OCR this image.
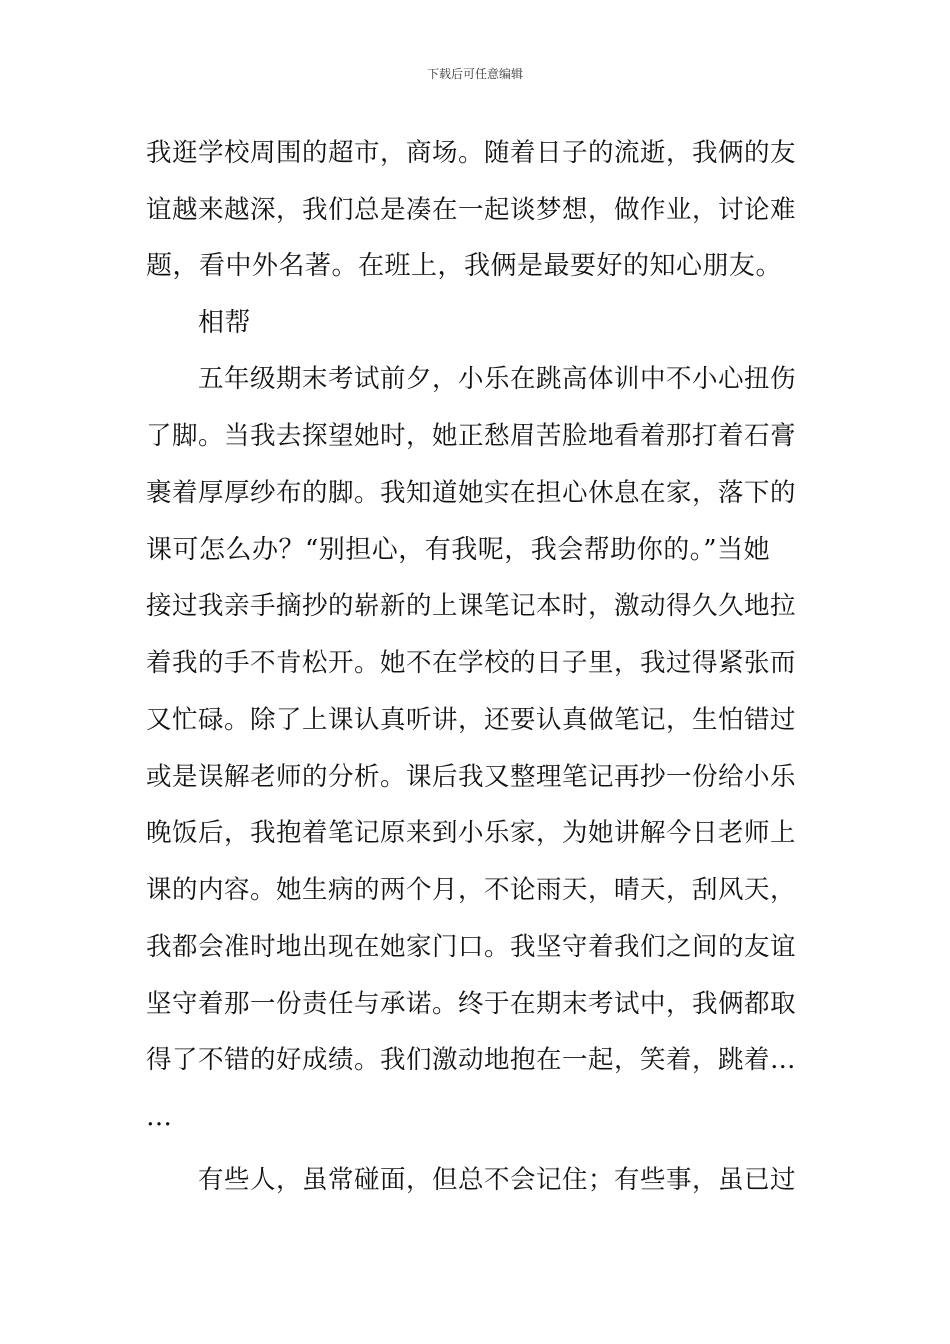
下载后可任意编辑
我逛学校周围的超市，商场。随着日子的流逝，我俩的友
谊越来越深，我们总是凑在一起谈梦想，做作业，讨论难
题，看中外名著。在班上，我俩是最要好的知心朋友。
相帮
五年级期末考试前夕，小乐在跳高体训中不小心扭伤
了脚。当我去探望她时，她正愁眉苦脸地看着那打着石膏
裹着厚厚纱布的脚。我知道她实在担心休息在家，落下的
课可怎么办？“别担心，有我呢，我会帮助你的。”当她
接过我亲手摘抄的崭新的上课笔记本时，激动得久久地拉
着我的手不肯松开。她不在学校的日子里，我过得紧张而
又忙碌。除了上课认真听讲，还要认真做笔记，生怕错过
或是误解老师的分析。课后我又整理笔记再抄一份给小乐
晚饭后，我抱着笔记原来到小乐家，为她讲解今日老师上
课的内容。她生病的两个月，不论雨天，晴天，刮风天，
我都会准时地出现在她家门口。我坚守着我们之间的友谊
坚守着那一份责任与承诺。终于在期末考试中，我俩都取
得了不错的好成绩。我们激动地抱在一起，笑着，跳着…
…
有些人，虽常碰面，但总不会记住；有些事，虽已过
